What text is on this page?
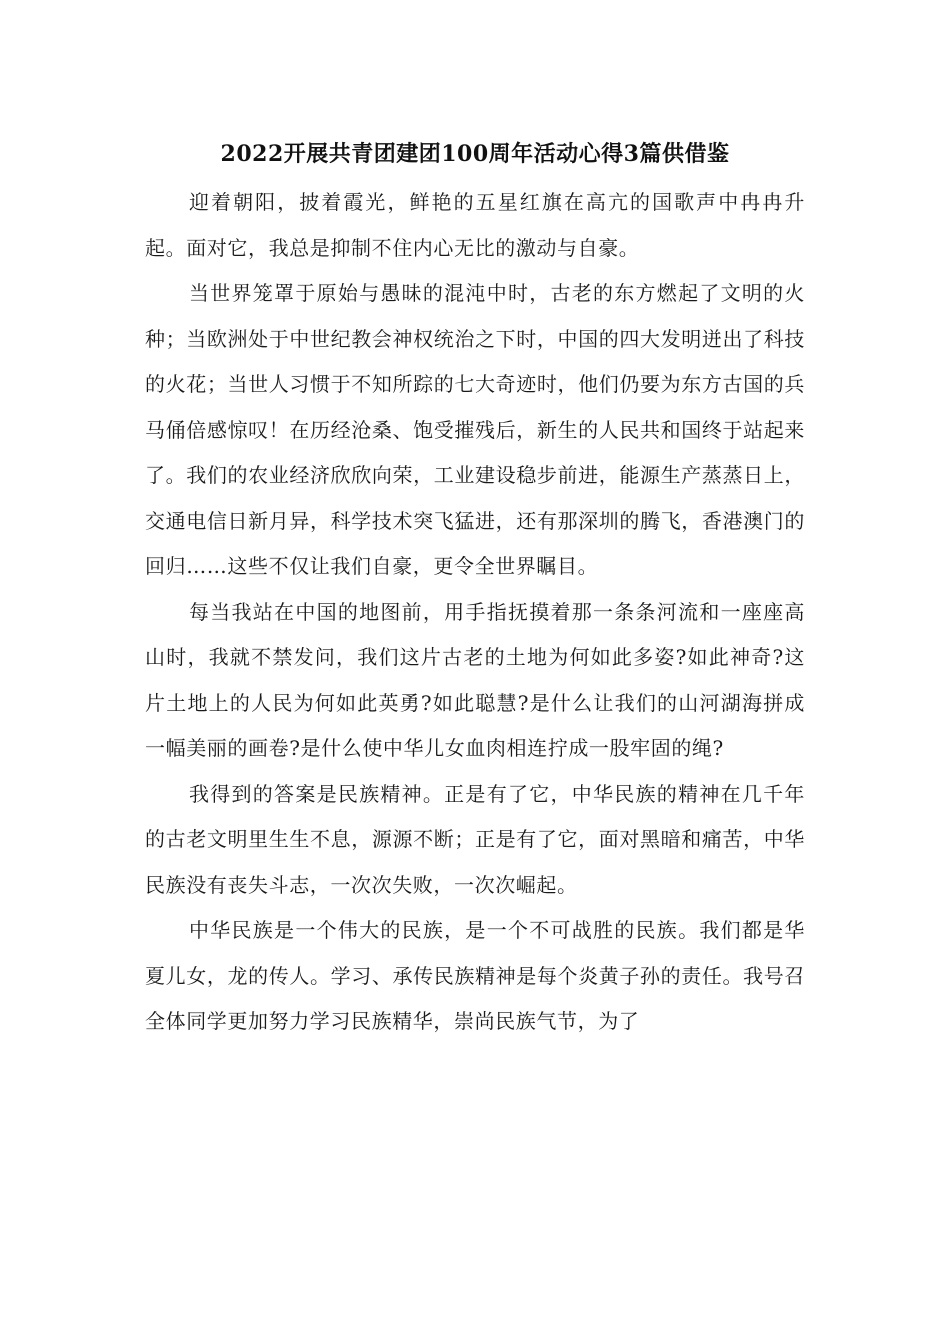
2022开展共青团建团100周年活动心得3篇供借鉴

迎着朝阳，披着霞光，鲜艳的五星红旗在高亢的国歌声中冉冉升起。面对它，我总是抑制不住内心无比的激动与自豪。

当世界笼罩于原始与愚昧的混沌中时，古老的东方燃起了文明的火种；当欧洲处于中世纪教会神权统治之下时，中国的四大发明迸出了科技的火花；当世人习惯于不知所踪的七大奇迹时，他们仍要为东方古国的兵马俑倍感惊叹！在历经沧桑、饱受摧残后，新生的人民共和国终于站起来了。我们的农业经济欣欣向荣，工业建设稳步前进，能源生产蒸蒸日上，交通电信日新月异，科学技术突飞猛进，还有那深圳的腾飞，香港澳门的回归……这些不仅让我们自豪，更令全世界瞩目。

每当我站在中国的地图前，用手指抚摸着那一条条河流和一座座高山时，我就不禁发问，我们这片古老的土地为何如此多姿?如此神奇?这片土地上的人民为何如此英勇?如此聪慧?是什么让我们的山河湖海拼成一幅美丽的画卷?是什么使中华儿女血肉相连拧成一股牢固的绳?

我得到的答案是民族精神。正是有了它，中华民族的精神在几千年的古老文明里生生不息，源源不断；正是有了它，面对黑暗和痛苦，中华民族没有丧失斗志，一次次失败，一次次崛起。

中华民族是一个伟大的民族，是一个不可战胜的民族。我们都是华夏儿女，龙的传人。学习、承传民族精神是每个炎黄子孙的责任。我号召全体同学更加努力学习民族精华，崇尚民族气节，为了
